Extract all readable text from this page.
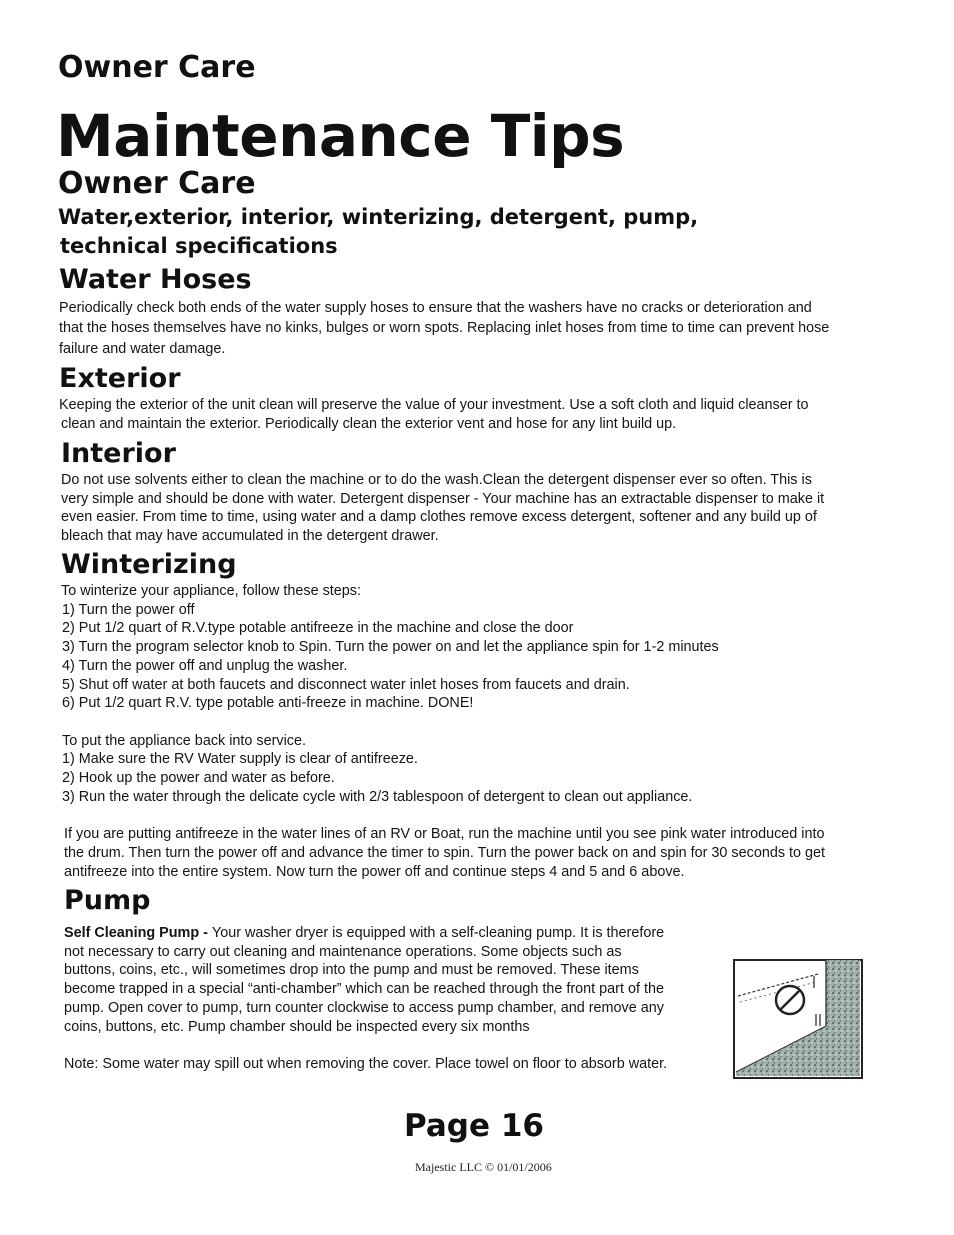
Owner Care
Maintenance Tips
Owner Care
Water,exterior, interior, winterizing, detergent, pump,
technical specifications
Water Hoses
Periodically check both ends of the water supply hoses to ensure that the washers have no cracks or deterioration and
that the hoses themselves have no kinks, bulges or worn spots. Replacing inlet hoses from time to time can prevent hose
failure and water damage.
Exterior
Keeping the exterior of the unit clean will preserve the value of your investment. Use a soft cloth and liquid cleanser to
clean and maintain the exterior. Periodically clean the exterior vent and hose for any lint build up.
Interior
Do not use solvents either to clean the machine or to do the wash.Clean the detergent dispenser ever so often. This is
very simple and should be done with water. Detergent dispenser - Your machine has an extractable dispenser to make it
even easier. From time to time, using water and a damp clothes remove excess detergent, softener and any build up of
bleach that may have accumulated in the detergent drawer.
Winterizing
To winterize your appliance, follow these steps:
1) Turn the power off
2) Put 1/2 quart of R.V.type potable antifreeze in the machine and close the door
3) Turn the program selector knob to Spin. Turn the power on and let the appliance spin for 1-2 minutes
4) Turn the power off and unplug the washer.
5) Shut off water at both faucets and disconnect water inlet hoses from faucets and drain.
6) Put 1/2 quart R.V. type potable anti-freeze in machine. DONE!
To put the appliance back into service.
1) Make sure the RV Water supply is clear of antifreeze.
2) Hook up the power and water as before.
3) Run the water through the delicate cycle with 2/3 tablespoon of detergent to clean out appliance.
If you are putting antifreeze in the water lines of an RV or Boat, run the machine until you see pink water introduced into
the drum. Then turn the power off and advance the timer to spin. Turn the power back on and spin for 30 seconds to get
antifreeze into the entire system. Now turn the power off and continue steps 4 and 5 and 6 above.
Pump
Self Cleaning Pump - Your washer dryer is equipped with a self-cleaning pump. It is therefore
not necessary to carry out cleaning and maintenance operations. Some objects such as
buttons, coins, etc., will sometimes drop into the pump and must be removed. These items
become trapped in a special “anti-chamber” which can be reached through the front part of the
pump. Open cover to pump, turn counter clockwise to access pump chamber, and remove any
coins, buttons, etc. Pump chamber should be inspected every six months
Note: Some water may spill out when removing the cover. Place towel on floor to absorb water.
Page 16
Majestic LLC © 01/01/2006
